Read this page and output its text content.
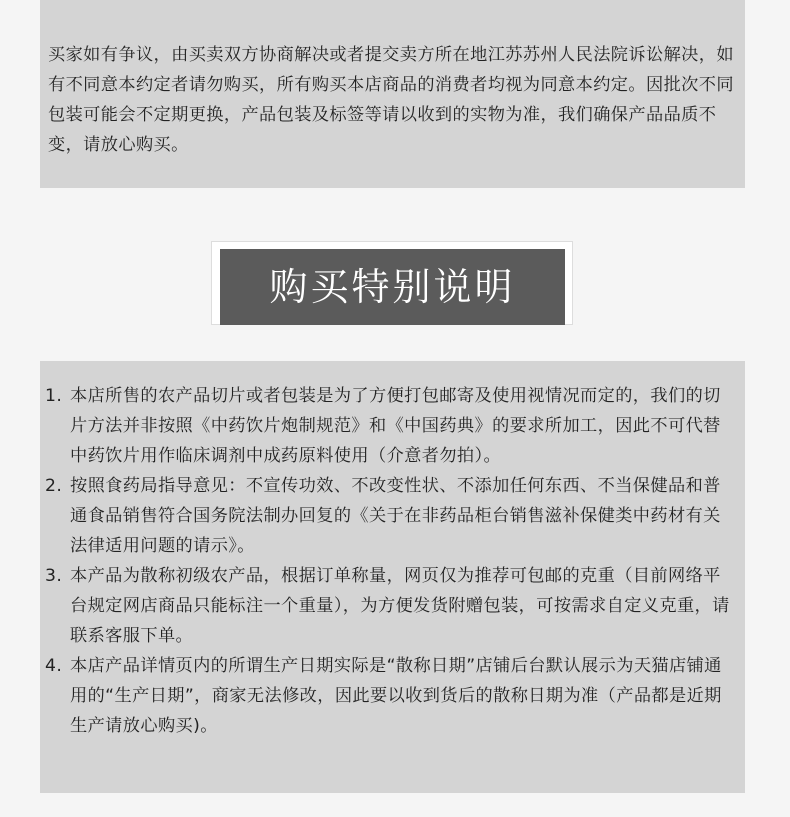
买家如有争议，由买卖双方协商解决或者提交卖方所在地江苏苏州人民法院诉讼解决，如有不同意本约定者请勿购买，所有购买本店商品的消费者均视为同意本约定。因批次不同包装可能会不定期更换，产品包装及标签等请以收到的实物为准，我们确保产品品质不变，请放心购买。
购买特别说明
1. 本店所售的农产品切片或者包装是为了方便打包邮寄及使用视情况而定的，我们的切片方法并非按照《中药饮片炮制规范》和《中国药典》的要求所加工，因此不可代替中药饮片用作临床调剂中成药原料使用（介意者勿拍）。
2. 按照食药局指导意见：不宣传功效、不改变性状、不添加任何东西、不当保健品和普通食品销售符合国务院法制办回复的《关于在非药品柜台销售滋补保健类中药材有关法律适用问题的请示》。
3. 本产品为散称初级农产品，根据订单称量，网页仅为推荐可包邮的克重（目前网络平台规定网店商品只能标注一个重量），为方便发货附赠包装，可按需求自定义克重，请联系客服下单。
4. 本店产品详情页内的所谓生产日期实际是“散称日期”店铺后台默认展示为天猫店铺通用的“生产日期”，商家无法修改，因此要以收到货后的散称日期为准（产品都是近期生产请放心购买)。
